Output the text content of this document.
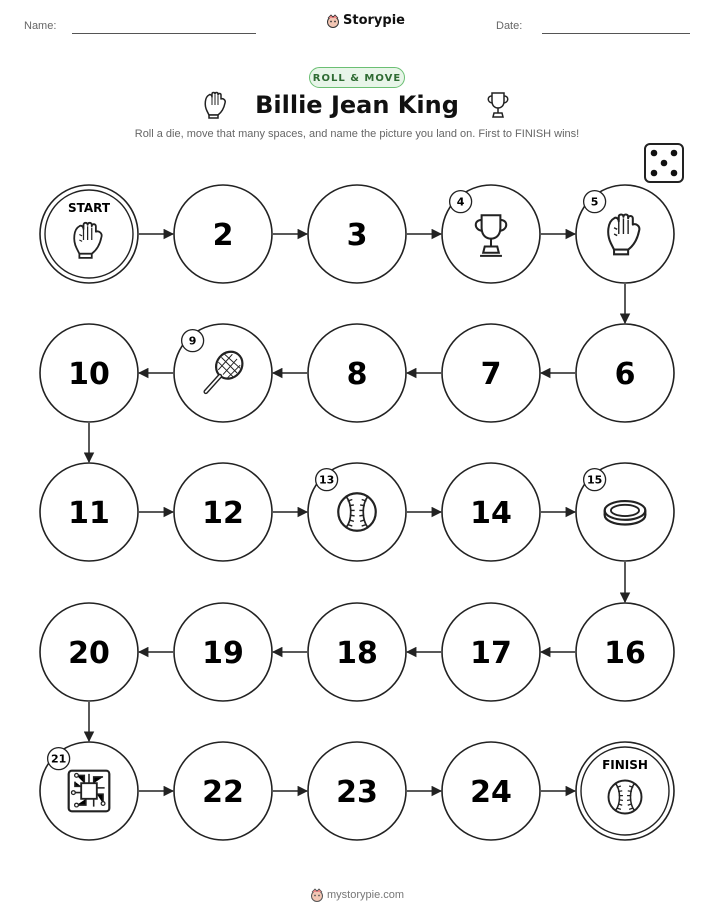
Name:	Storypie	Date:
ROLL & MOVE
Billie Jean King
Roll a die, move that many spaces, and name the picture you land on. First to FINISH wins!
START
2	3
4	5
6
7
8
9
10
11	12
13
14
15
16
17
18
19
20
21
22	23	24
FINISH
mystorypie.com
